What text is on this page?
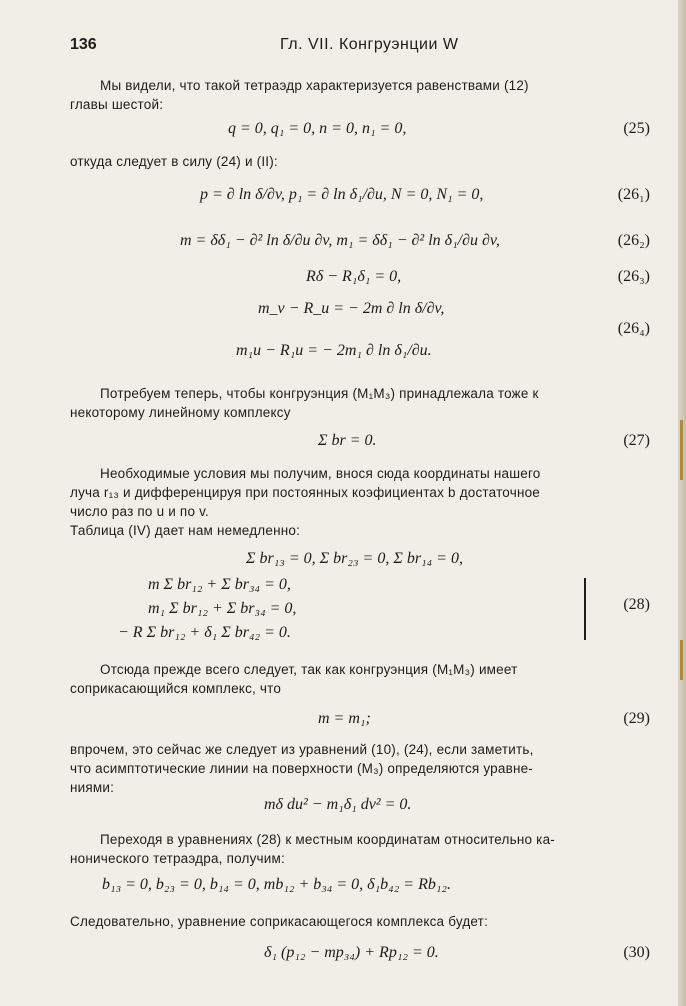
136	Гл. VII. Конгруэнции W
Мы видели, что такой тетраэдр характеризуется равенствами (12)
главы шестой:
q = 0, q₁ = 0, n = 0, n₁ = 0,	(25)
откуда следует в силу (24) и (II):
p = ∂ ln δ/∂v, p₁ = ∂ ln δ₁/∂u, N = 0, N₁ = 0,	(26₁)
m = δδ₁ − ∂² ln δ/∂u ∂v, m₁ = δδ₁ − ∂² ln δ₁/∂u ∂v,	(26₂)
Rδ − R₁δ₁ = 0,	(26₃)
m_v − R_u = − 2m ∂ ln δ/∂v,
m₁u − R₁u = − 2m₁ ∂ ln δ₁/∂u.
(26₄)
Потребуем теперь, чтобы конгруэнция (M₁M₃) принадлежала тоже к
некоторому линейному комплексу
Σ br = 0.	(27)
Необходимые условия мы получим, внося сюда координаты нашего
луча r₁₃ и дифференцируя при постоянных коэфициентах b достаточное
число раз по u и по v.
Таблица (IV) дает нам немедленно:
Σ br₁₃ = 0, Σ br₂₃ = 0, Σ br₁₄ = 0,
m Σ br₁₂ + Σ br₃₄ = 0,
m₁ Σ br₁₂ + Σ br₃₄ = 0,
− R Σ br₁₂ + δ₁ Σ br₄₂ = 0.
(28)
Отсюда прежде всего следует, так как конгруэнция (M₁M₃) имеет
соприкасающийся комплекс, что
m = m₁;	(29)
впрочем, это сейчас же следует из уравнений (10), (24), если заметить,
что асимптотические линии на поверхности (M₃) определяются уравне-
ниями:
mδ du² − m₁δ₁ dv² = 0.
Переходя в уравнениях (28) к местным координатам относительно ка-
нонического тетраэдра, получим:
b₁₃ = 0, b₂₃ = 0, b₁₄ = 0, mb₁₂ + b₃₄ = 0, δ₁b₄₂ = Rb₁₂.
Следовательно, уравнение соприкасающегося комплекса будет:
δ₁ (p₁₂ − mp₃₄) + Rp₁₂ = 0.	(30)
